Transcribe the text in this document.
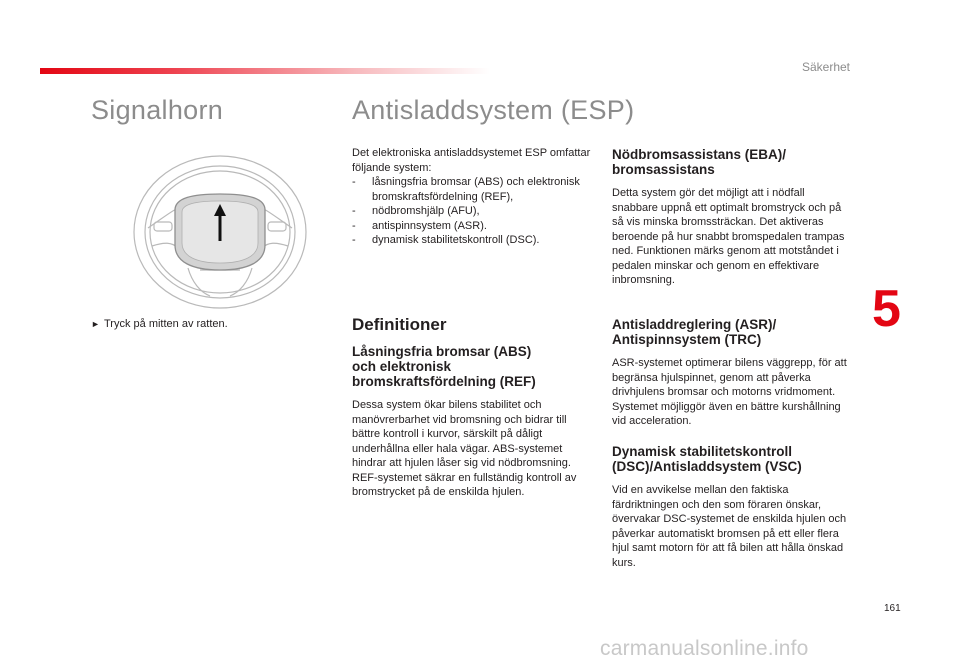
Säkerhet
Signalhorn	Antisladdsystem (ESP)
► Tryck på mitten av ratten.

Det elektroniska antisladdsystemet ESP omfattar följande system:

- låsningsfria bromsar (ABS) och elektronisk bromskraftsfördelning (REF),
- nödbromshjälp (AFU),
- antispinnsystem (ASR).
- dynamisk stabilitetskontroll (DSC).

Definitioner

Låsningsfria bromsar (ABS) och elektronisk bromskraftsfördelning (REF)

Dessa system ökar bilens stabilitet och manövrerbarhet vid bromsning och bidrar till bättre kontroll i kurvor, särskilt på dåligt underhållna eller hala vägar. ABS-systemet hindrar att hjulen låser sig vid nödbromsning. REF-systemet säkrar en fullständig kontroll av bromstrycket på de enskilda hjulen.

Nödbromsassistans (EBA)/ bromsassistans

Detta system gör det möjligt att i nödfall snabbare uppnå ett optimalt bromstryck och på så vis minska bromssträckan. Det aktiveras beroende på hur snabbt bromspedalen trampas ned. Funktionen märks genom att motståndet i pedalen minskar och genom en effektivare inbromsning.

Antisladdreglering (ASR)/ Antispinnsystem (TRC)

ASR-systemet optimerar bilens väggrepp, för att begränsa hjulspinnet, genom att påverka drivhjulens bromsar och motorns vridmoment. Systemet möjliggör även en bättre kurshållning vid acceleration.

Dynamisk stabilitetskontroll (DSC)/Antisladdsystem (VSC)

Vid en avvikelse mellan den faktiska färdriktningen och den som föraren önskar, övervakar DSC-systemet de enskilda hjulen och påverkar automatiskt bromsen på ett eller flera hjul samt motorn för att få bilen att hålla önskad kurs.

5
161
carmanualsonline.info
